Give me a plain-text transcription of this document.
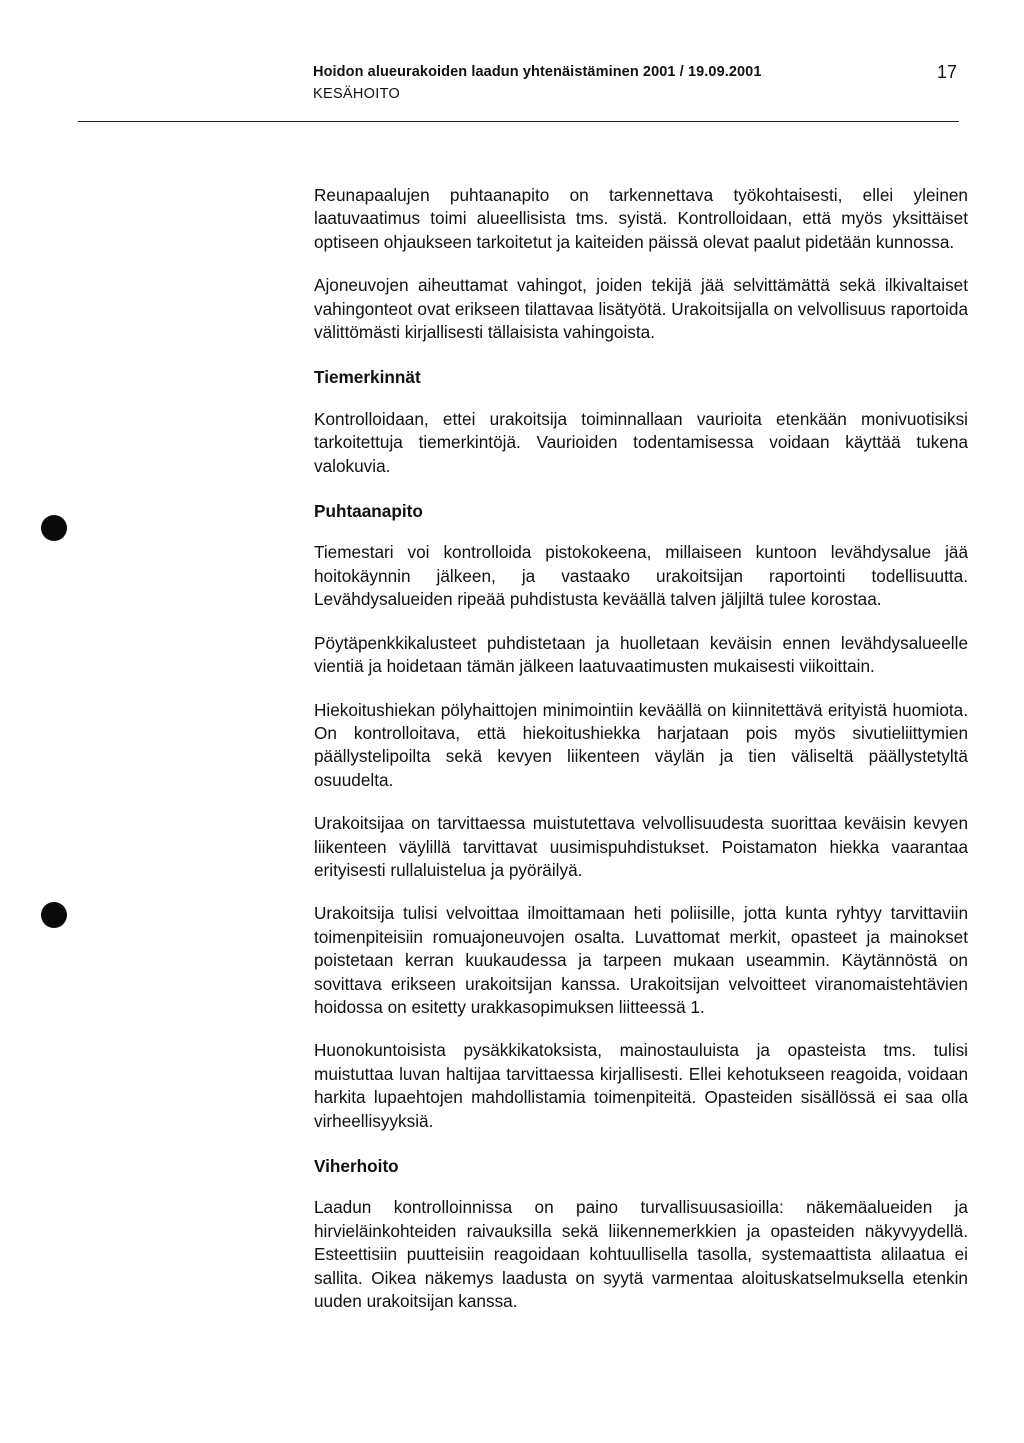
Hoidon alueurakoiden laadun yhtenäistäminen 2001 / 19.09.2001
KESÄHOITO
17

Reunapaalujen puhtaanapito on tarkennettava työkohtaisesti, ellei yleinen laatuvaatimus toimi alueellisista tms. syistä. Kontrolloidaan, että myös yksittäiset optiseen ohjaukseen tarkoitetut ja kaiteiden päissä olevat paalut pidetään kunnossa.

Ajoneuvojen aiheuttamat vahingot, joiden tekijä jää selvittämättä sekä ilkivaltaiset vahingonteot ovat erikseen tilattavaa lisätyötä. Urakoitsijalla on velvollisuus raportoida välittömästi kirjallisesti tällaisista vahingoista.

Tiemerkinnät

Kontrolloidaan, ettei urakoitsija toiminnallaan vaurioita etenkään monivuotisiksi tarkoitettuja tiemerkintöjä. Vaurioiden todentamisessa voidaan käyttää tukena valokuvia.

Puhtaanapito

Tiemestari voi kontrolloida pistokokeena, millaiseen kuntoon levähdysalue jää hoitokäynnin jälkeen, ja vastaako urakoitsijan raportointi todellisuutta. Levähdysalueiden ripeää puhdistusta keväällä talven jäljiltä tulee korostaa.

Pöytäpenkkikalusteet puhdistetaan ja huolletaan keväisin ennen levähdysalueelle vientiä ja hoidetaan tämän jälkeen laatuvaatimusten mukaisesti viikoittain.

Hiekoitushiekan pölyhaittojen minimointiin keväällä on kiinnitettävä erityistä huomiota. On kontrolloitava, että hiekoitushiekka harjataan pois myös sivutieliittymien päällystelipoilta sekä kevyen liikenteen väylän ja tien väliseltä päällystetyltä osuudelta.

Urakoitsijaa on tarvittaessa muistutettava velvollisuudesta suorittaa keväisin kevyen liikenteen väylillä tarvittavat uusimispuhdistukset. Poistamaton hiekka vaarantaa erityisesti rullaluistelua ja pyöräilyä.

Urakoitsija tulisi velvoittaa ilmoittamaan heti poliisille, jotta kunta ryhtyy tarvittaviin toimenpiteisiin romuajoneuvojen osalta. Luvattomat merkit, opasteet ja mainokset poistetaan kerran kuukaudessa ja tarpeen mukaan useammin. Käytännöstä on sovittava erikseen urakoitsijan kanssa. Urakoitsijan velvoitteet viranomaistehtävien hoidossa on esitetty urakkasopimuksen liitteessä 1.

Huonokuntoisista pysäkkikatoksista, mainostauluista ja opasteista tms. tulisi muistuttaa luvan haltijaa tarvittaessa kirjallisesti. Ellei kehotukseen reagoida, voidaan harkita lupaehtojen mahdollistamia toimenpiteitä. Opasteiden sisällössä ei saa olla virheellisyyksiä.

Viherhoito

Laadun kontrolloinnissa on paino turvallisuusasioilla: näkemäalueiden ja hirvieläinkohteiden raivauksilla sekä liikennemerkkien ja opasteiden näkyvyydellä. Esteettisiin puutteisiin reagoidaan kohtuullisella tasolla, systemaattista alilaatua ei sallita. Oikea näkemys laadusta on syytä varmentaa aloituskatselmuksella etenkin uuden urakoitsijan kanssa.
